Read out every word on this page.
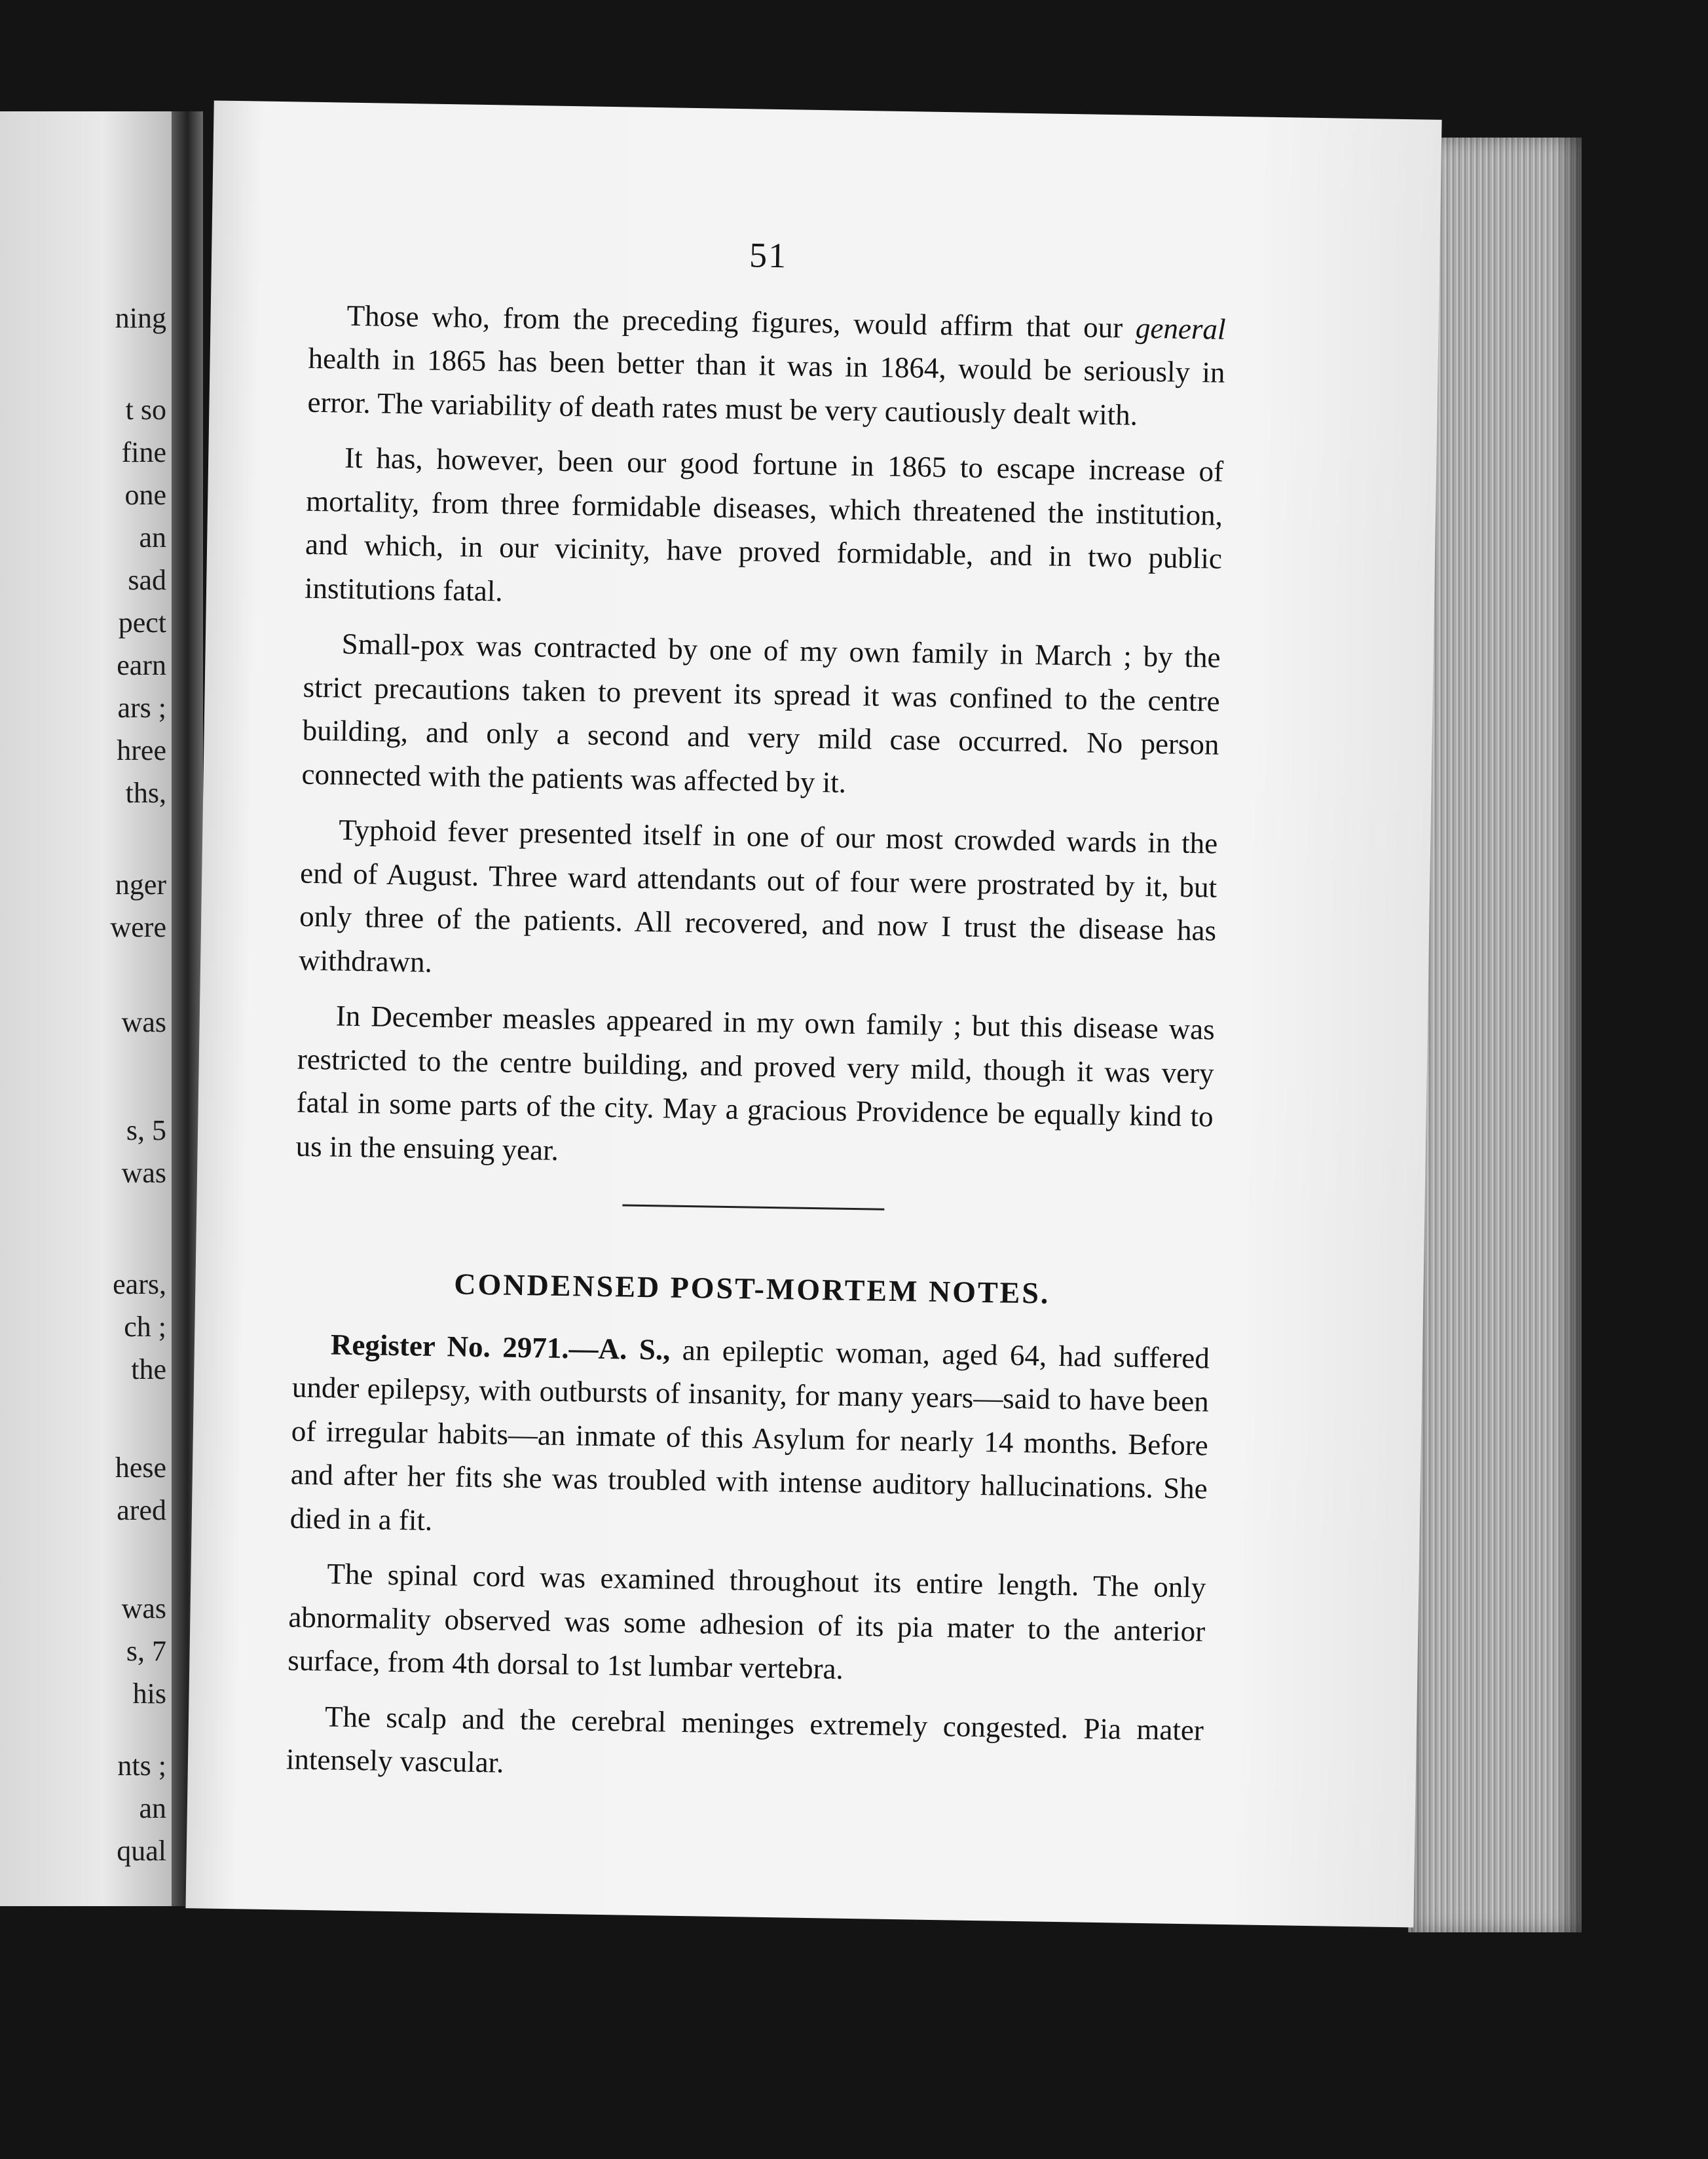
ning
t so
fine
one
an
sad
pect
earn
ars ;
hree
ths,
nger
were
was
s, 5
was
ears,
ch ;
the
hese
ared
was
s, 7
his
nts ;
an
qual
51

Those who, from the preceding figures, would affirm that our general health in 1865 has been better than it was in 1864, would be seriously in error. The variability of death rates must be very cautiously dealt with.

It has, however, been our good fortune in 1865 to escape increase of mortality, from three formidable diseases, which threatened the institution, and which, in our vicinity, have proved formidable, and in two public institutions fatal.

Small-pox was contracted by one of my own family in March ; by the strict precautions taken to prevent its spread it was confined to the centre building, and only a second and very mild case occurred. No person connected with the patients was affected by it.

Typhoid fever presented itself in one of our most crowded wards in the end of August. Three ward attendants out of four were prostrated by it, but only three of the patients. All recovered, and now I trust the disease has withdrawn.

In December measles appeared in my own family ; but this disease was restricted to the centre building, and proved very mild, though it was very fatal in some parts of the city. May a gracious Providence be equally kind to us in the ensuing year.

CONDENSED POST-MORTEM NOTES.

Register No. 2971.—A. S., an epileptic woman, aged 64, had suffered under epilepsy, with outbursts of insanity, for many years—said to have been of irregular habits—an inmate of this Asylum for nearly 14 months. Before and after her fits she was troubled with intense auditory hallucinations. She died in a fit.

The spinal cord was examined throughout its entire length. The only abnormality observed was some adhesion of its pia mater to the anterior surface, from 4th dorsal to 1st lumbar vertebra.

The scalp and the cerebral meninges extremely congested. Pia mater intensely vascular.
